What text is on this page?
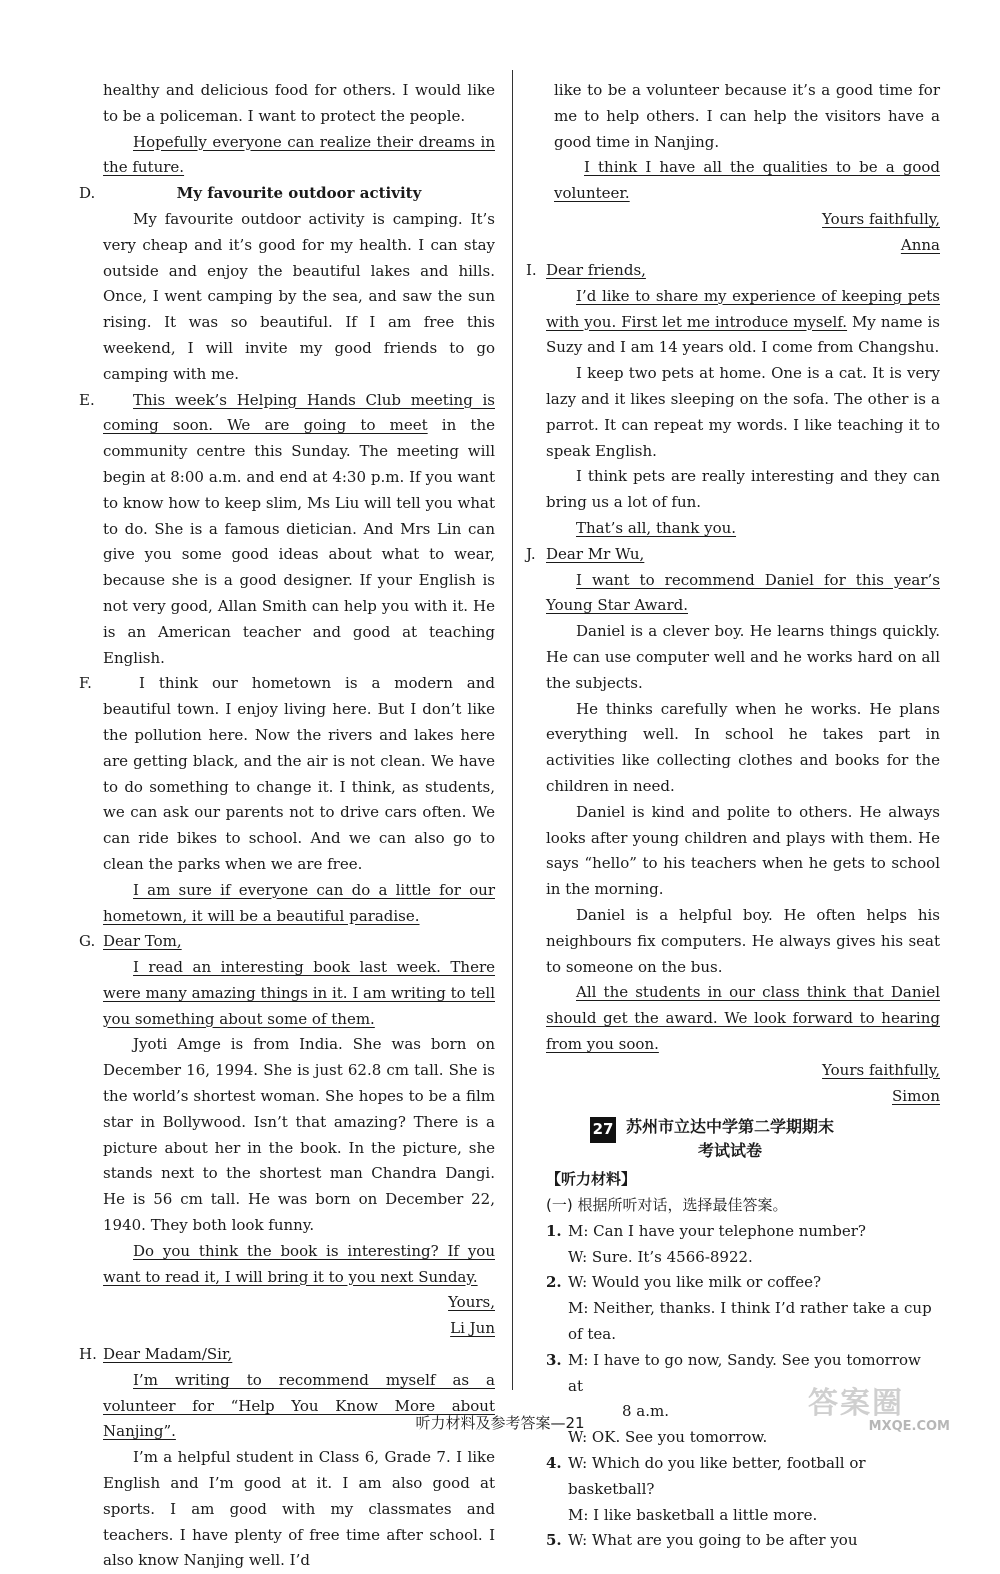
healthy and delicious food for others. I would like to be a policeman. I want to protect the people.

Hopefully everyone can realize their dreams in the future.

D.	My favourite outdoor activity

My favourite outdoor activity is camping. It’s very cheap and it’s good for my health. I can stay outside and enjoy the beautiful lakes and hills. Once, I went camping by the sea, and saw the sun rising. It was so beautiful. If I am free this weekend, I will invite my good friends to go camping with me.

E.	This week’s Helping Hands Club meeting is coming soon. We are going to meet in the community centre this Sunday. The meeting will begin at 8:00 a.m. and end at 4:30 p.m. If you want to know how to keep slim, Ms Liu will tell you what to do. She is a famous dietician. And Mrs Lin can give you some good ideas about what to wear, because she is a good designer. If your English is not very good, Allan Smith can help you with it. He is an American teacher and good at teaching English.

F.	I think our hometown is a modern and beautiful town. I enjoy living here. But I don’t like the pollution here. Now the rivers and lakes here are getting black, and the air is not clean. We have to do something to change it. I think, as students, we can ask our parents not to drive cars often. We can ride bikes to school. And we can also go to clean the parks when we are free.

I am sure if everyone can do a little for our hometown, it will be a beautiful paradise.

G. Dear Tom,

I read an interesting book last week. There were many amazing things in it. I am writing to tell you something about some of them.

Jyoti Amge is from India. She was born on December 16, 1994. She is just 62.8 cm tall. She is the world’s shortest woman. She hopes to be a film star in Bollywood. Isn’t that amazing? There is a picture about her in the book. In the picture, she stands next to the shortest man Chandra Dangi. He is 56 cm tall. He was born on December 22, 1940. They both look funny.

Do you think the book is interesting? If you want to read it, I will bring it to you next Sunday.

Yours,

Li Jun

H. Dear Madam/Sir,

I’m writing to recommend myself as a volunteer for “Help You Know More about Nanjing”.

I’m a helpful student in Class 6, Grade 7. I like English and I’m good at it. I am also good at sports. I am good with my classmates and teachers. I have plenty of free time after school. I also know Nanjing well. I’d

like to be a volunteer because it’s a good time for me to help others. I can help the visitors have a good time in Nanjing.

I think I have all the qualities to be a good volunteer.

Yours faithfully,

Anna

I. Dear friends,

I’d like to share my experience of keeping pets with you. First let me introduce myself. My name is Suzy and I am 14 years old. I come from Changshu.

I keep two pets at home. One is a cat. It is very lazy and it likes sleeping on the sofa. The other is a parrot. It can repeat my words. I like teaching it to speak English.

I think pets are really interesting and they can bring us a lot of fun.

That’s all, thank you.

J. Dear Mr Wu,

I want to recommend Daniel for this year’s Young Star Award.

Daniel is a clever boy. He learns things quickly. He can use computer well and he works hard on all the subjects.

He thinks carefully when he works. He plans everything well. In school he takes part in activities like collecting clothes and books for the children in need.

Daniel is kind and polite to others. He always looks after young children and plays with them. He says “hello” to his teachers when he gets to school in the morning.

Daniel is a helpful boy. He often helps his neighbours fix computers. He always gives his seat to someone on the bus.

All the students in our class think that Daniel should get the award. We look forward to hearing from you soon.

Yours faithfully,

Simon

27 苏州市立达中学第二学期期末
考试试卷
【听力材料】
(一) 根据所听对话，选择最佳答案。
1. M: Can I have your telephone number?

W: Sure. It’s 4566-8922.

2. W: Would you like milk or coffee?

M: Neither, thanks. I think I’d rather take a cup of tea.

3. M: I have to go now, Sandy. See you tomorrow at

8 a.m.

W: OK. See you tomorrow.

4. W: Which do you like better, football or basketball?

M: I like basketball a little more.

5. W: What are you going to be after you

听力材料及参考答案—21
答案圈
MXQE.COM
